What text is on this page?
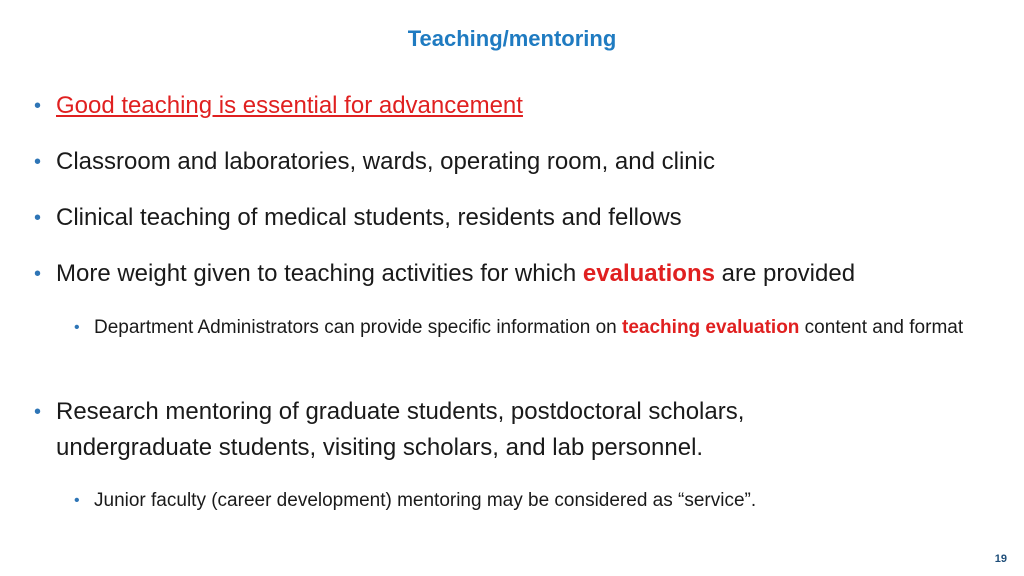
Teaching/mentoring
• Good teaching is essential for advancement
• Classroom and laboratories, wards, operating room, and clinic
• Clinical teaching of medical students, residents and fellows
• More weight given to teaching activities for which evaluations are provided
• Department Administrators can provide specific information on teaching evaluation content and format
• Research mentoring of graduate students, postdoctoral scholars,
undergraduate students, visiting scholars, and lab personnel.
• Junior faculty (career development) mentoring may be considered as “service”.
19
